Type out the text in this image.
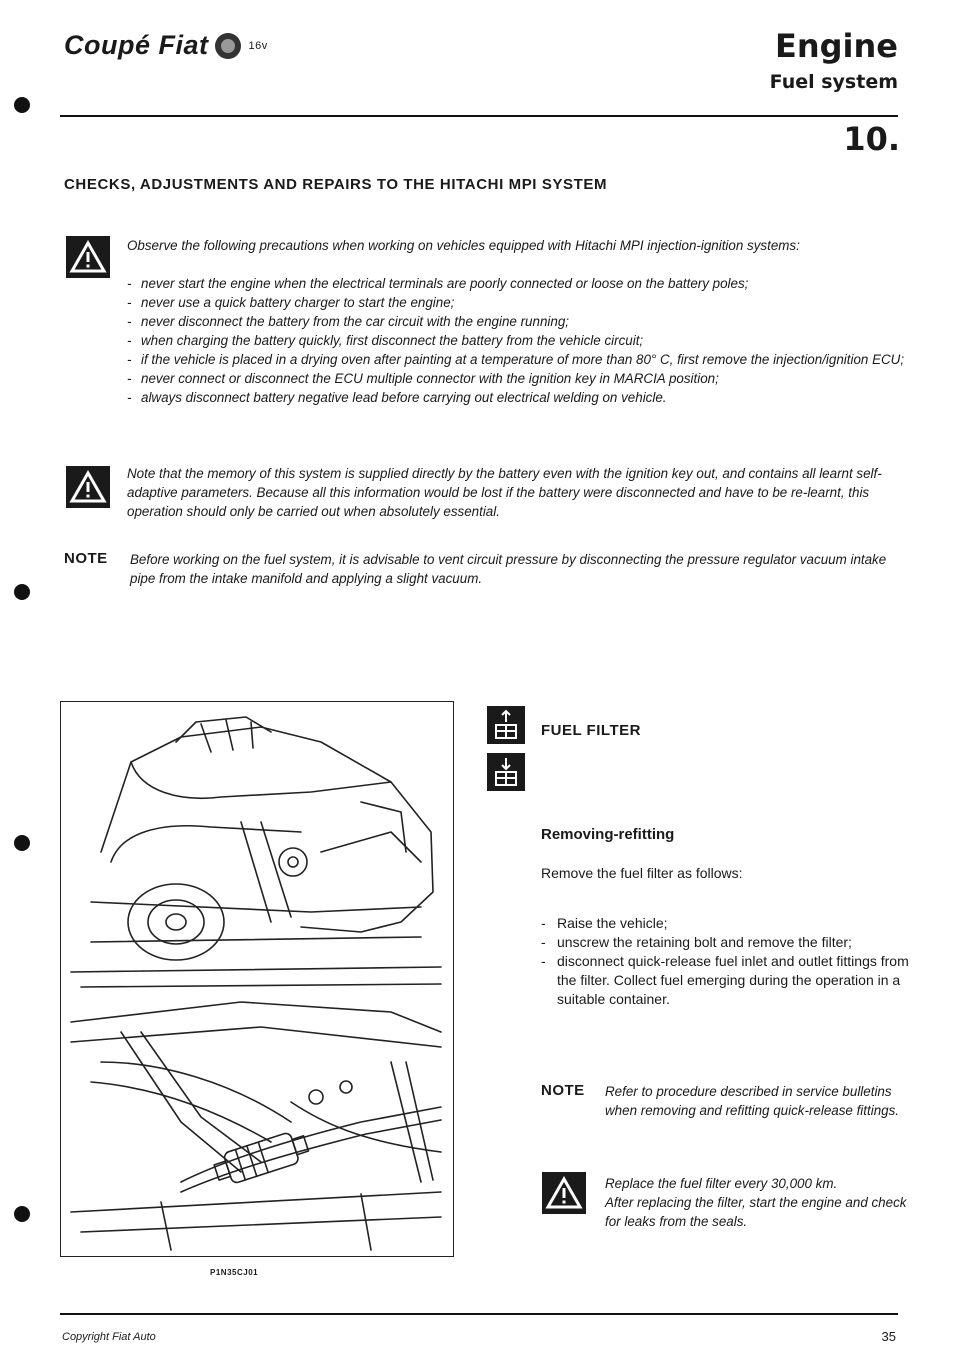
Coupé Fiat	16v	Engine
Fuel system
10.
CHECKS, ADJUSTMENTS AND REPAIRS TO THE HITACHI MPI SYSTEM
Observe the following precautions when working on vehicles equipped with Hitachi MPI injection-ignition systems:
- never start the engine when the electrical terminals are poorly connected or loose on the battery poles;
- never use a quick battery charger to start the engine;
- never disconnect the battery from the car circuit with the engine running;
- when charging the battery quickly, first disconnect the battery from the vehicle circuit;
- if the vehicle is placed in a drying oven after painting at a temperature of more than 80° C, first remove the injection/ignition ECU;
- never connect or disconnect the ECU multiple connector with the ignition key in MARCIA position;
- always disconnect battery negative lead before carrying out electrical welding on vehicle.
Note that the memory of this system is supplied directly by the battery even with the ignition key out, and contains all learnt self-adaptive parameters. Because all this information would be lost if the battery were disconnected and have to be re-learnt, this operation should only be carried out when absolutely essential.
NOTE	Before working on the fuel system, it is advisable to vent circuit pressure by disconnecting the pressure regulator vacuum intake pipe from the intake manifold and applying a slight vacuum.
P1N35CJ01
FUEL FILTER
Removing-refitting
Remove the fuel filter as follows:
- Raise the vehicle;
- unscrew the retaining bolt and remove the filter;
- disconnect quick-release fuel inlet and outlet fittings from the filter. Collect fuel emerging during the operation in a suitable container.
NOTE	Refer to procedure described in service bulletins when removing and refitting quick-release fittings.
Replace the fuel filter every 30,000 km.
After replacing the filter, start the engine and check for leaks from the seals.
Copyright Fiat Auto	35
